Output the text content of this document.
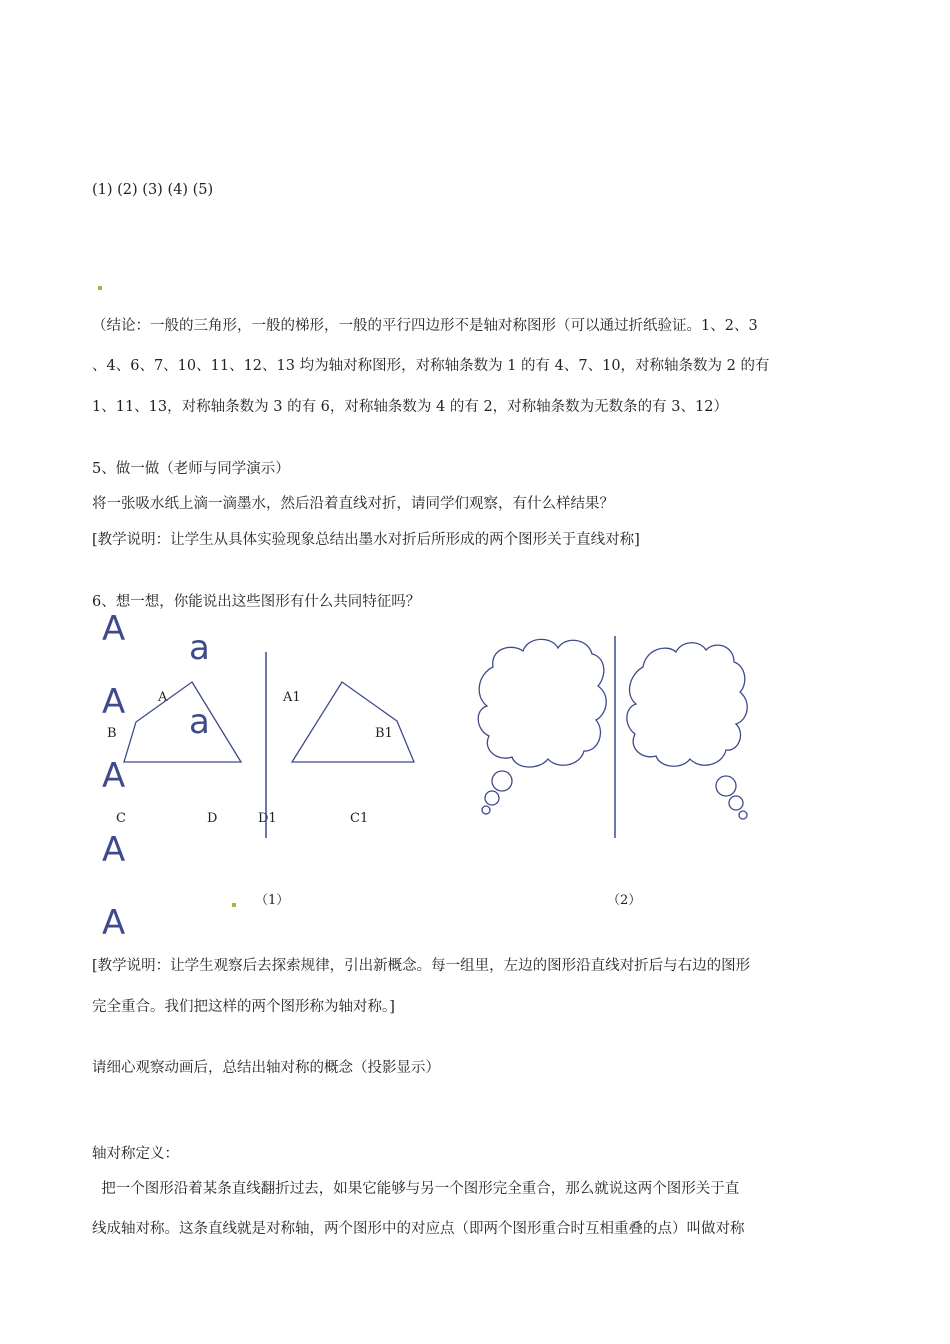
(1) (2) (3) (4) (5)
（结论：一般的三角形，一般的梯形，一般的平行四边形不是轴对称图形（可以通过折纸验证。1、2、3
、4、6、7、10、11、12、13 均为轴对称图形，对称轴条数为 1 的有 4、7、10，对称轴条数为 2 的有
1、11、13，对称轴条数为 3 的有 6，对称轴条数为 4 的有 2，对称轴条数为无数条的有 3、12）
5、做一做（老师与同学演示）
将一张吸水纸上滴一滴墨水，然后沿着直线对折，请同学们观察，有什么样结果？
[教学说明：让学生从具体实验现象总结出墨水对折后所形成的两个图形关于直线对称]
6、想一想，你能说出这些图形有什么共同特征吗？
A a
A a
A
A
A
A
B
C	D
A1
B1
C1
D1
（1）	（2）
[教学说明：让学生观察后去探索规律，引出新概念。每一组里，左边的图形沿直线对折后与右边的图形
完全重合。我们把这样的两个图形称为轴对称。]
请细心观察动画后，总结出轴对称的概念（投影显示）
轴对称定义：
把一个图形沿着某条直线翻折过去，如果它能够与另一个图形完全重合，那么就说这两个图形关于直
线成轴对称。这条直线就是对称轴，两个图形中的对应点（即两个图形重合时互相重叠的点）叫做对称
